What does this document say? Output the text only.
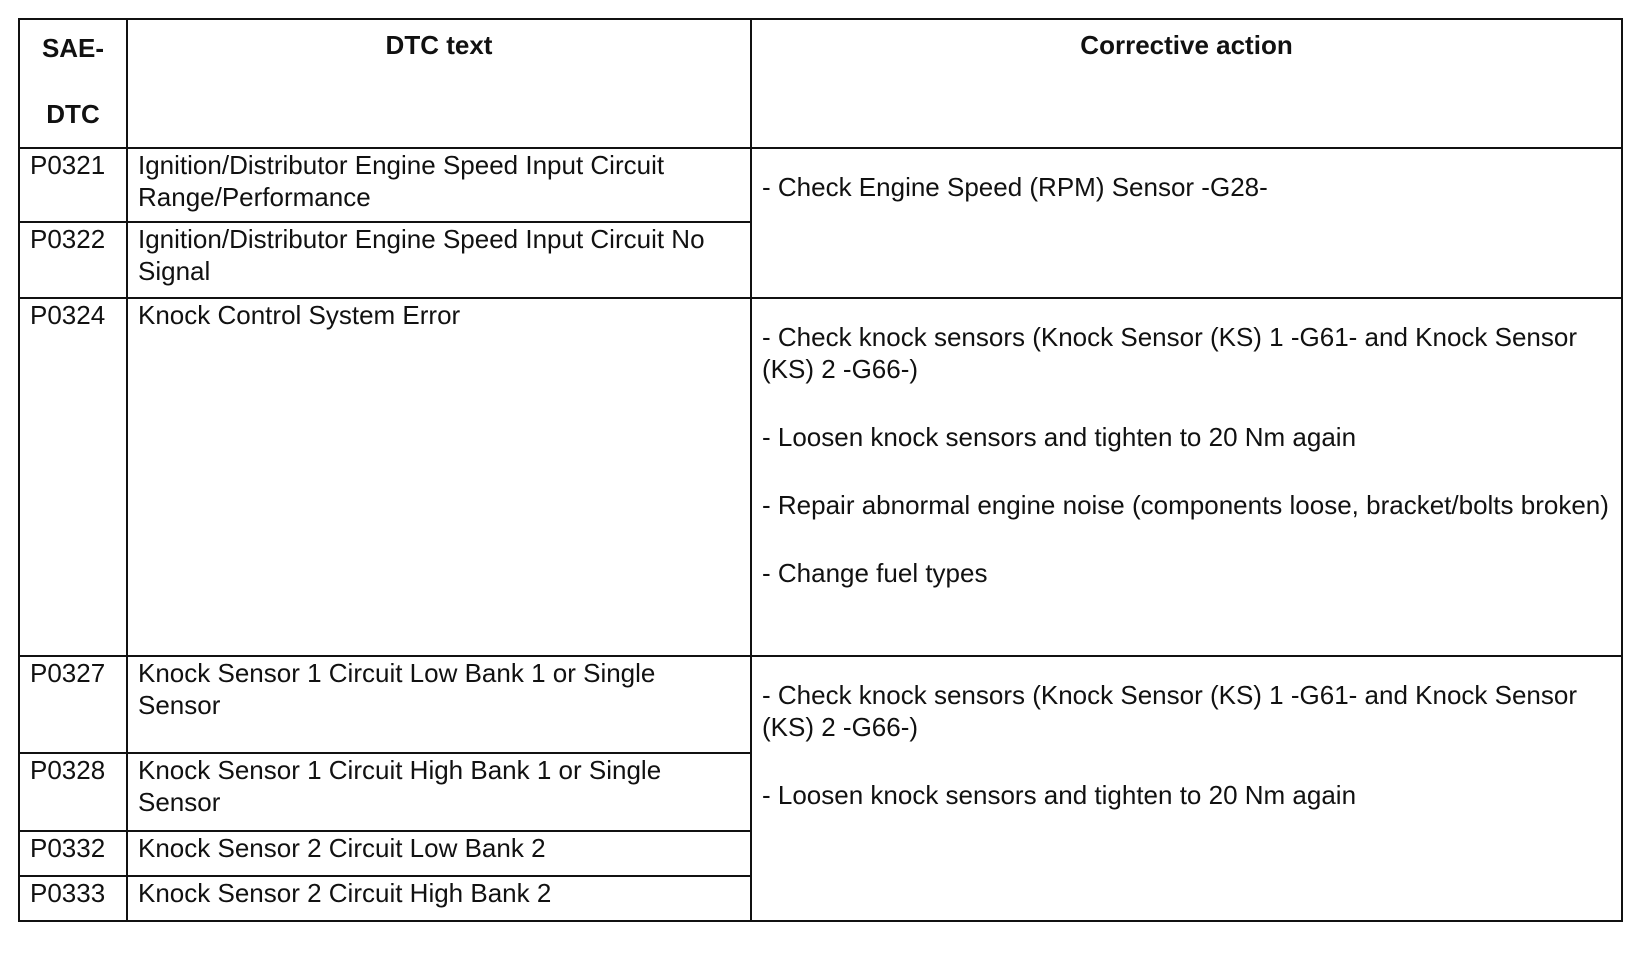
SAE-
DTC	DTC text	Corrective action
P0321	Ignition/Distributor Engine Speed Input Circuit Range/Performance	- Check Engine Speed (RPM) Sensor -G28-

P0322	Ignition/Distributor Engine Speed Input Circuit No Signal	
P0324	Knock Control System Error	- Check knock sensors (Knock Sensor (KS) 1 -G61- and Knock Sensor (KS) 2 -G66-)

- Loosen knock sensors and tighten to 20 Nm again

- Repair abnormal engine noise (components loose, bracket/bolts broken)

- Change fuel types

P0327	Knock Sensor 1 Circuit Low Bank 1 or Single Sensor	- Check knock sensors (Knock Sensor (KS) 1 -G61- and Knock Sensor (KS) 2 -G66-)

- Loosen knock sensors and tighten to 20 Nm again

P0328	Knock Sensor 1 Circuit High Bank 1 or Single Sensor	
P0332	Knock Sensor 2 Circuit Low Bank 2	
P0333	Knock Sensor 2 Circuit High Bank 2	
